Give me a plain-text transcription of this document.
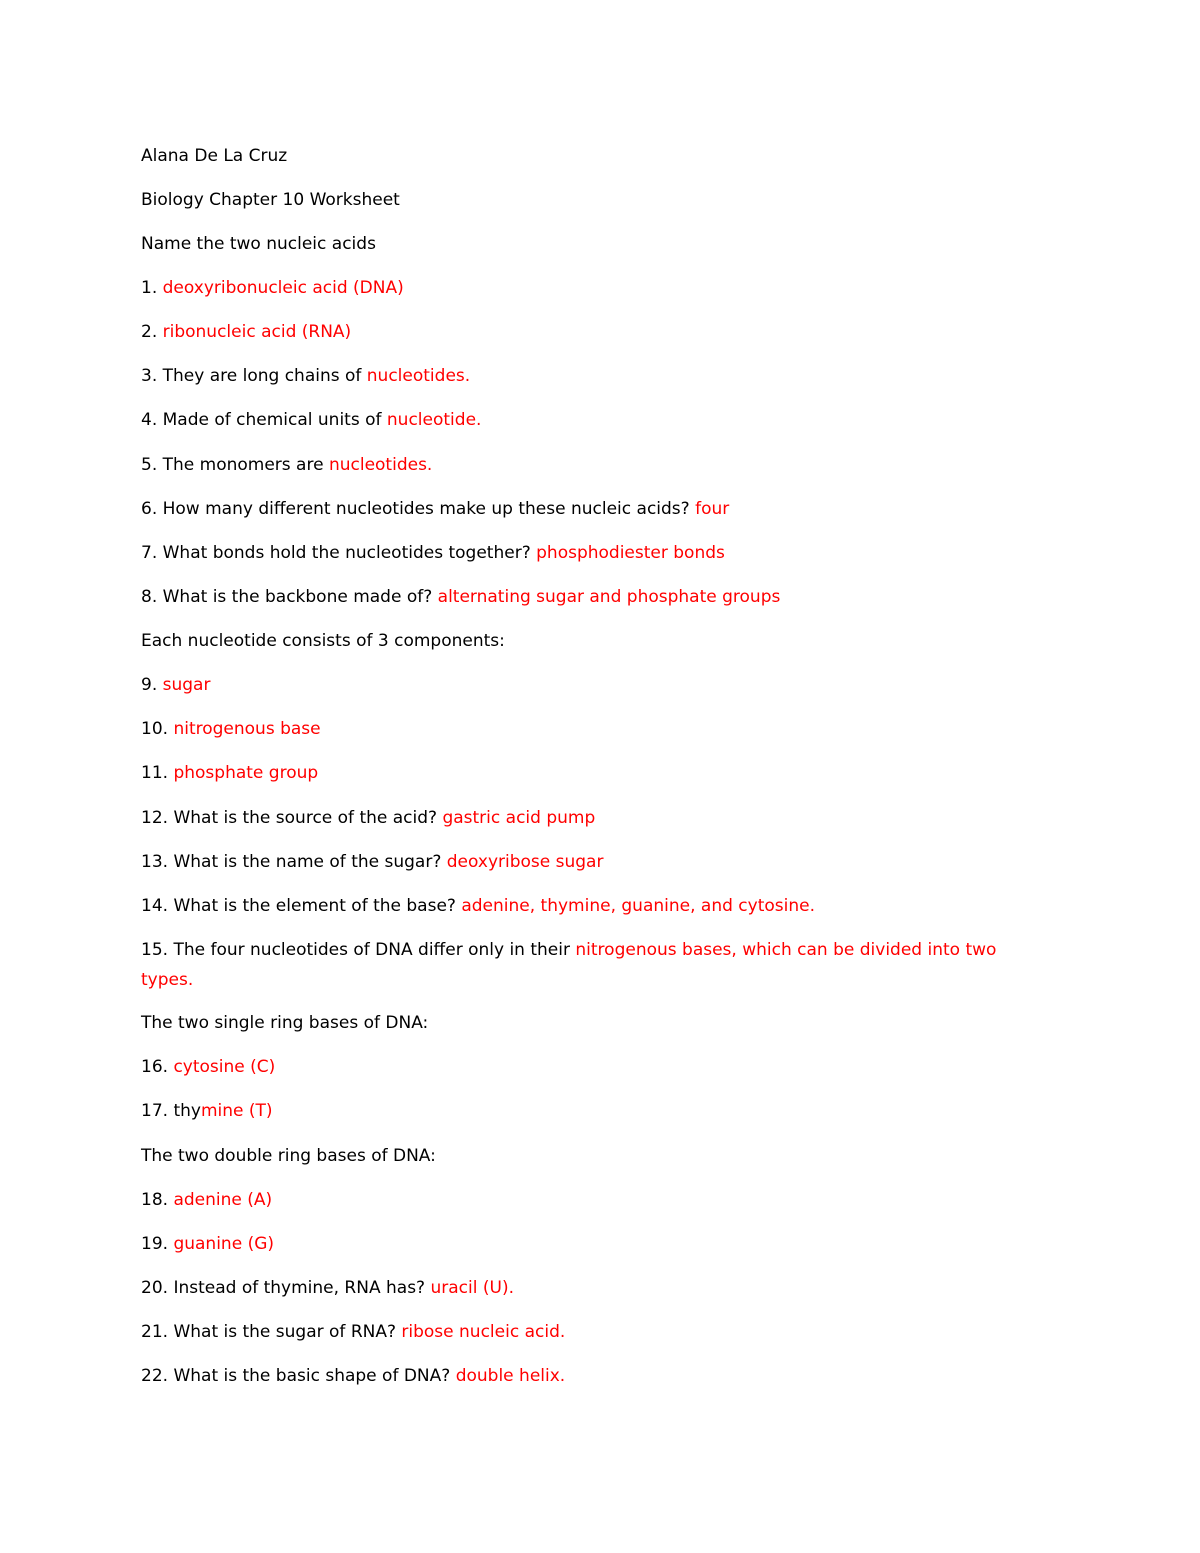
Alana De La Cruz
Biology Chapter 10 Worksheet
Name the two nucleic acids
1. deoxyribonucleic acid (DNA)
2. ribonucleic acid (RNA)
3. They are long chains of nucleotides.
4. Made of chemical units of nucleotide.
5. The monomers are nucleotides.
6. How many different nucleotides make up these nucleic acids? four
7. What bonds hold the nucleotides together? phosphodiester bonds
8. What is the backbone made of? alternating sugar and phosphate groups
Each nucleotide consists of 3 components:
9. sugar
10. nitrogenous base
11. phosphate group
12. What is the source of the acid? gastric acid pump
13. What is the name of the sugar? deoxyribose sugar
14. What is the element of the base? adenine, thymine, guanine, and cytosine.
15. The four nucleotides of DNA differ only in their nitrogenous bases, which can be divided into two types.
The two single ring bases of DNA:
16. cytosine (C)
17. thymine (T)
The two double ring bases of DNA:
18. adenine (A)
19. guanine (G)
20. Instead of thymine, RNA has? uracil (U).
21. What is the sugar of RNA? ribose nucleic acid.
22. What is the basic shape of DNA? double helix.
